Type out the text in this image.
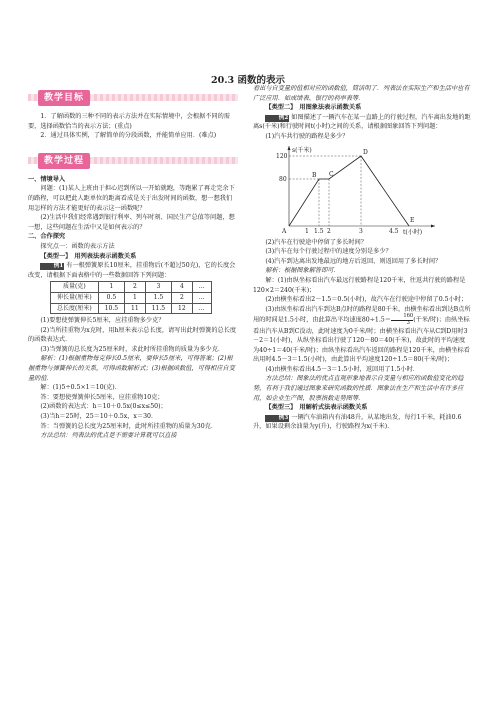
20.3 函数的表示
教学目标

1．了解函数的三种不同的表示方法并在实际情境中，会根据不同的需要，选择函数恰当的表示方法；(重点)

2．通过具体实例，了解简单的分段函数，并能简单应用．(难点)

教学过程

一、情境导入

问题：(1)某人上班由于担心迟到所以一开始就跑，等跑累了再走完余下的路程，可以把此人距单位的距离看成是关于出发时间的函数，想一想我们用怎样的方法才能更好的表示这一函数呢？

(2)生活中我们经常遇到银行利率、列车时刻、国民生产总值等问题，想一想，这些问题在生活中又是如何表示的？

二、合作探究

探究点一：函数的表示方法

【类型一】　用列表法表示函数关系

例1 有一根弹簧原长10厘米，挂重物后(不超过50克)，它的长度会改变，请根据下面表格中的一些数据回答下列问题：

质量(克)	1	2	3	4	…
伸长量(厘米)	0.5	1	1.5	2	…
总长度(厘米)	10.5	11	11.5	12	…

(1)要想使弹簧伸长5厘米，应挂重物多少克？

(2)当所挂重物为x克时，用h厘米表示总长度，请写出此时弹簧的总长度的函数表达式．

(3)当弹簧的总长度为25厘米时，求此时所挂重物的质量为多少克．

解析：(1)根据重物每克伸长0.5厘米，要伸长5厘米，可得答案；(2)根据重物与弹簧伸长的关系，可得函数解析式；(3)根据函数值，可得相应自变量的值．

解：(1)5÷0.5×1＝10(克)．

答：要想使弹簧伸长5厘米，应挂重物10克；

(2)函数的表达式：h＝10＋0.5x(0≤x≤50)；

(3)当h＝25时，25＝10＋0.5x，x＝30．

答：当弹簧的总长度为25厘米时，此时所挂重物的质量为30克．

方法总结：列表法的优点是不需要计算就可以直接

看出与自变量的值相对应的函数值，简洁明了．列表法在实际生产和生活中也有广泛应用．如成绩表、银行的利率表等．

【类型二】　用图象法表示函数关系

例2 如图描述了一辆汽车在某一直路上的行驶过程，汽车离出发地的距离s(千米)和行驶时间t(小时)之间的关系，请根据图象回答下列问题：

(1)汽车共行驶的路程是多少？

s(千米)
t(小时)
120
80
A	1 1.5 2	3	4.5
B C
D
E

(2)汽车在行驶途中停留了多长时间？

(3)汽车在每个行驶过程中的速度分别是多少？

(4)汽车到达离出发地最远的地方后返回，则返回用了多长时间？

解析：根据图象解答即可．

解：(1)由纵坐标看出汽车最远行驶路程是120千米，往返共行驶的路程是120×2＝240(千米)；

(2)由横坐标看出2－1.5＝0.5(小时)，故汽车在行驶途中停留了0.5小时；

(3)由纵坐标看出汽车到达B点时的路程是80千米，由横坐标看出到达B点所用的时间是1.5小时，由此算出平均速度$80\div 1.5= \frac{160}{3}$ (千米/时)；由纵坐标看出汽车从B到C没动，此时速度为0千米/时；由横坐标看出汽车从C到D用时3－2＝1(小时)，从纵坐标看出行驶了120－80＝40(千米)，故此时的平均速度为40÷1＝40(千米/时)；由纵坐标看出汽车返回的路程是120千米，由横坐标看出用时4.5－3＝1.5(小时)，由此算出平均速度120÷1.5＝80(千米/时)；

(4)由横坐标看出4.5－3＝1.5小时，返回用了1.5小时．

方法总结：图象法的优点直观形象地表示自变量与相应的函数值变化的趋势，有利于我们通过图象来研究函数的性质．图象法在生产和生活中有许多应用，如企业生产图，股票指数走势图等．

【类型三】　用解析式法表示函数关系

例3 一辆汽车油箱内有油48升，从某地出发，每行1千米，耗油0.6升，如果设剩余油量为y(升)，行驶路程为x(千米)．
